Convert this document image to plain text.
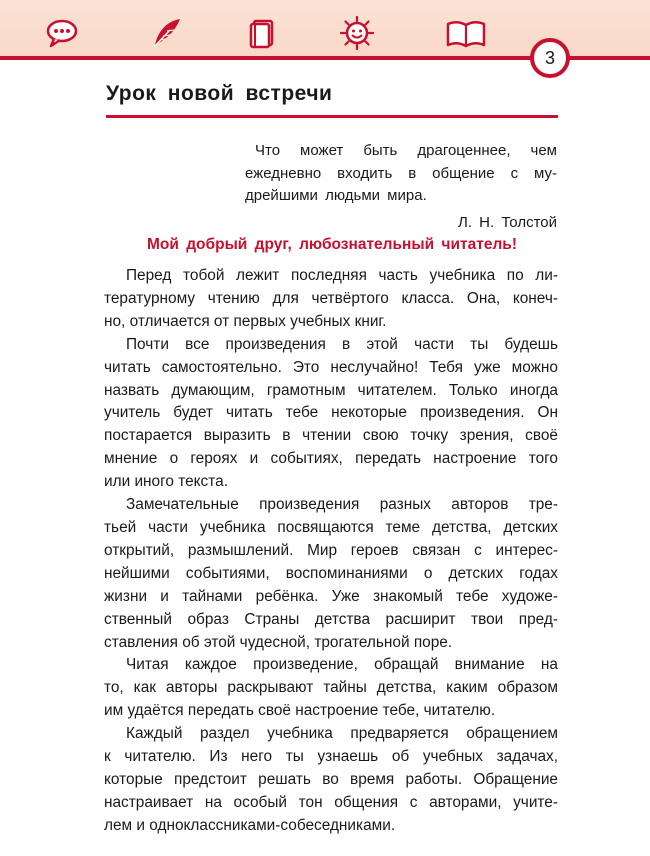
3
Урок новой встречи

Что может быть драгоценнее, чем
ежедневно входить в общение с му-
дрейшими людьми мира.

Л. Н. Толстой

Мой добрый друг, любознательный читатель!

Перед тобой лежит последняя часть учебника по ли-
тературному чтению для четвёртого класса. Она, конеч-
но, отличается от первых учебных книг.

Почти все произведения в этой части ты будешь
читать самостоятельно. Это неслучайно! Тебя уже можно
назвать думающим, грамотным читателем. Только иногда
учитель будет читать тебе некоторые произведения. Он
постарается выразить в чтении свою точку зрения, своё
мнение о героях и событиях, передать настроение того
или иного текста.

Замечательные произведения разных авторов тре-
тьей части учебника посвящаются теме детства, детских
открытий, размышлений. Мир героев связан с интерес-
нейшими событиями, воспоминаниями о детских годах
жизни и тайнами ребёнка. Уже знакомый тебе художе-
ственный образ Страны детства расширит твои пред-
ставления об этой чудесной, трогательной поре.

Читая каждое произведение, обращай внимание на
то, как авторы раскрывают тайны детства, каким образом
им удаётся передать своё настроение тебе, читателю.

Каждый раздел учебника предваряется обращением
к читателю. Из него ты узнаешь об учебных задачах,
которые предстоит решать во время работы. Обращение
настраивает на особый тон общения с авторами, учите-
лем и одноклассниками-собеседниками.
